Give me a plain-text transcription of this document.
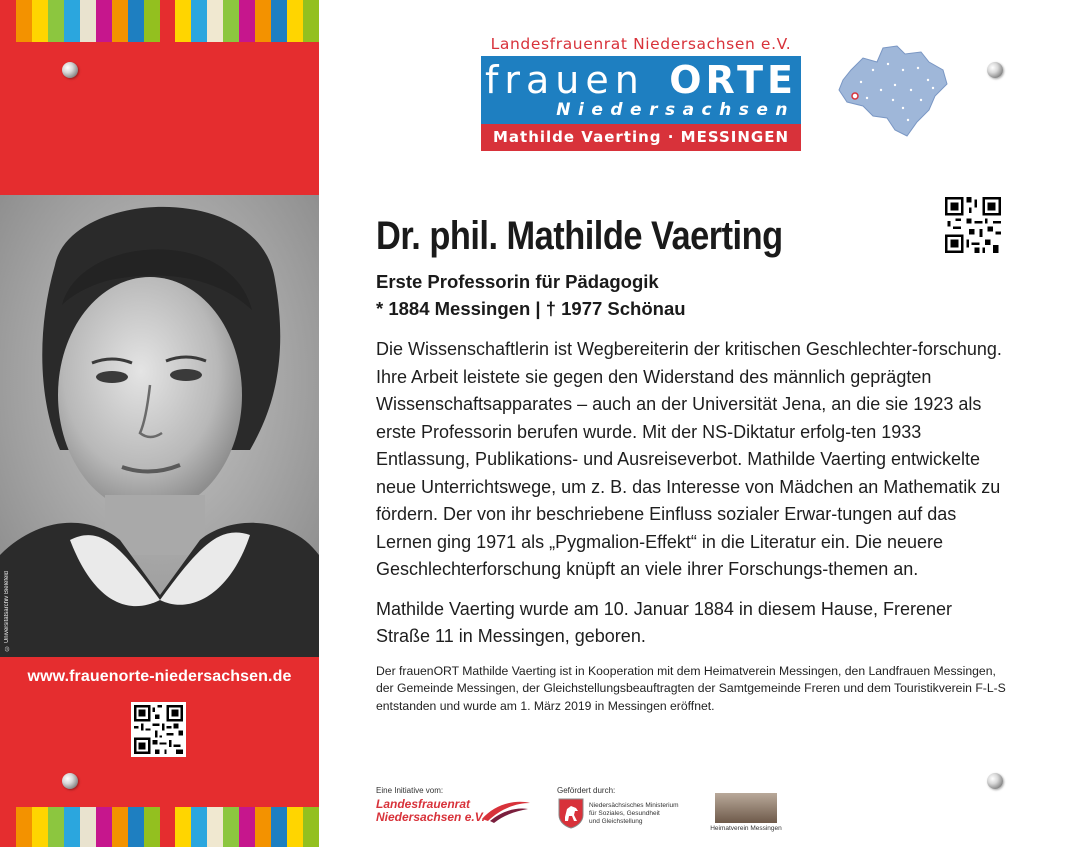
© Universitätsarchiv Bielefeld
www.frauenorte-niedersachsen.de
Landesfrauenrat Niedersachsen e.V.
frauen ORTE
Niedersachsen
Mathilde Vaerting · MESSINGEN
Dr. phil. Mathilde Vaerting
Erste Professorin für Pädagogik
* 1884 Messingen | † 1977 Schönau

Die Wissenschaftlerin ist Wegbereiterin der kritischen Geschlechter-forschung. Ihre Arbeit leistete sie gegen den Widerstand des männlich geprägten Wissenschaftsapparates – auch an der Universität Jena, an die sie 1923 als erste Professorin berufen wurde. Mit der NS-Diktatur erfolg-ten 1933 Entlassung, Publikations- und Ausreiseverbot. Mathilde Vaerting entwickelte neue Unterrichtswege, um z. B. das Interesse von Mädchen an Mathematik zu fördern. Der von ihr beschriebene Einfluss sozialer Erwar-tungen auf das Lernen ging 1971 als „Pygmalion-Effekt“ in die Literatur ein. Die neuere Geschlechterforschung knüpft an viele ihrer Forschungs-themen an.

Mathilde Vaerting wurde am 10. Januar 1884 in diesem Hause, Frerener Straße 11 in Messingen, geboren.

Der frauenORT Mathilde Vaerting ist in Kooperation mit dem Heimatverein Messingen, den Landfrauen Messingen, der Gemeinde Messingen, der Gleichstellungsbeauftragten der Samtgemeinde Freren und dem Touristikverein F-L-S entstanden und wurde am 1. März 2019 in Messingen eröffnet.

Eine Initiative vom:
Landesfrauenrat
Niedersachsen e.V.
Gefördert durch:
Niedersächsisches Ministerium
für Soziales, Gesundheit
und Gleichstellung
Heimatverein Messingen
